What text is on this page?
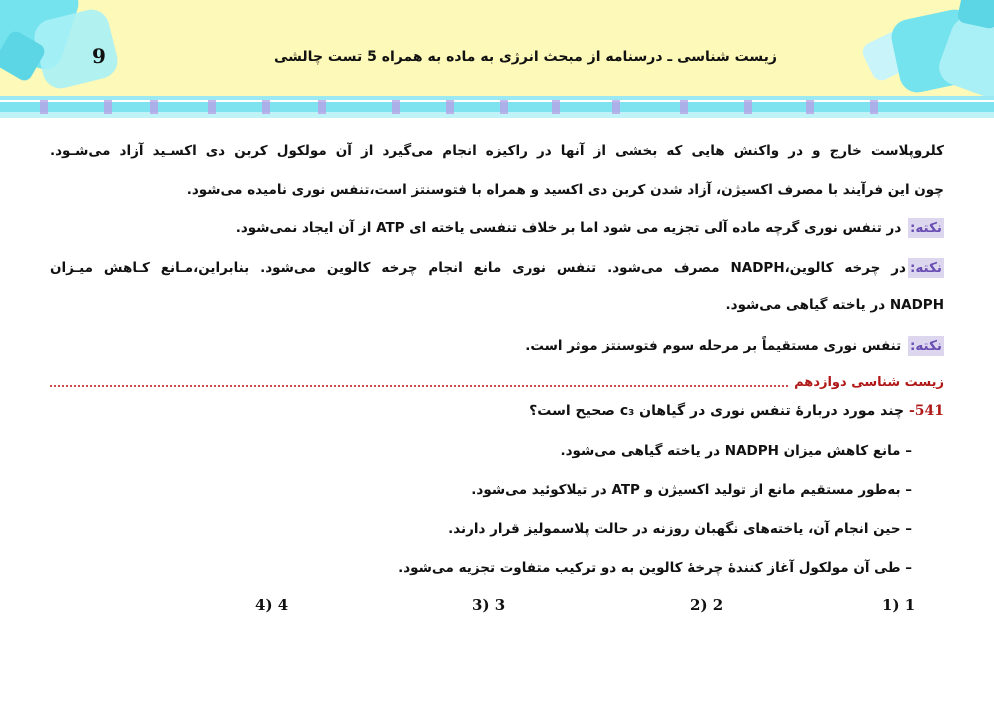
9	زیست شناسی ـ درسنامه از مبحث انرژی به ماده به همراه 5 تست چالشی
کلروپلاست خارج و در واکنش هایی که بخشی از آنها در راکیزه انجام می‌گیرد از آن مولکول کربن دی اکسـید آزاد می‌شـود.
چون این فرآیند با مصرف اکسیژن، آزاد شدن کربن دی اکسید و همراه با فتوسنتز است،تنفس نوری نامیده می‌شود.
نکته: در تنفس نوری گرچه ماده آلی تجزیه می شود اما بر خلاف تنفسی یاخته ای ATP از آن ایجاد نمی‌شود.
نکته:در چرخه کالوین،NADPH مصرف می‌شود. تنفس نوری مانع انجام چرخه کالوین می‌شود. بنابراین،مـانع کـاهش میـزان
NADPH در یاخته گیاهی می‌شود.
نکته: تنفس نوری مستقیماً بر مرحله سوم فتوسنتز موثر است.
زیست شناسی دوازدهم
541- چند مورد دربارۀ تنفس نوری در گیاهان c₃ صحیح است؟
– مانع کاهش میزان NADPH در یاخته گیاهی می‌شود.
– به‌طور مستقیم مانع از تولید اکسیژن و ATP در تیلاکوئید می‌شود.
– حین انجام آن، یاخته‌های نگهبان روزنه در حالت پلاسمولیز قرار دارند.
– طی آن مولکول آغاز کنندۀ چرخۀ کالوین به دو ترکیب متفاوت تجزیه می‌شود.
1 (1
2 (2
3 (3
4 (4
